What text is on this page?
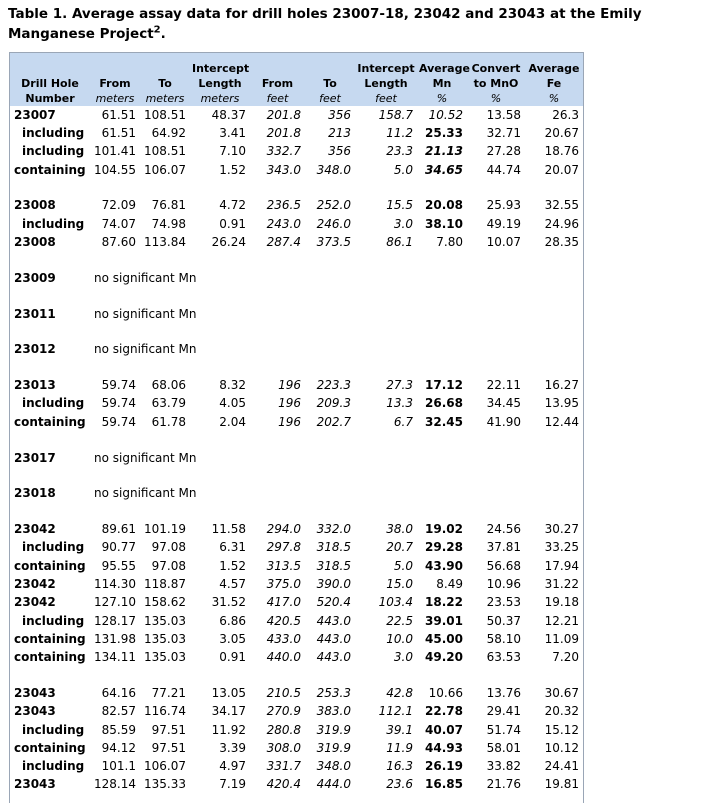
Table 1. Average assay data for drill holes 23007-18, 23042 and 23043 at the Emily Manganese Project$^2$.

Drill Hole Number	From	To	Intercept Length	From	To	Intercept Length	Average Mn	Convert to MnO	Average Fe
	meters	meters	meters	feet	feet	feet	%	%	%
23007	61.51	108.51	48.37	201.8	356	158.7	10.52	13.58	26.3
including	61.51	64.92	3.41	201.8	213	11.2	25.33	32.71	20.67
including	101.41	108.51	7.10	332.7	356	23.3	21.13	27.28	18.76
containing	104.55	106.07	1.52	343.0	348.0	5.0	34.65	44.74	20.07

23008	72.09	76.81	4.72	236.5	252.0	15.5	20.08	25.93	32.55
including	74.07	74.98	0.91	243.0	246.0	3.0	38.10	49.19	24.96
23008	87.60	113.84	26.24	287.4	373.5	86.1	7.80	10.07	28.35

23009	no significant Mn								

23011	no significant Mn								

23012	no significant Mn								

23013	59.74	68.06	8.32	196	223.3	27.3	17.12	22.11	16.27
including	59.74	63.79	4.05	196	209.3	13.3	26.68	34.45	13.95
containing	59.74	61.78	2.04	196	202.7	6.7	32.45	41.90	12.44

23017	no significant Mn								

23018	no significant Mn								

23042	89.61	101.19	11.58	294.0	332.0	38.0	19.02	24.56	30.27
including	90.77	97.08	6.31	297.8	318.5	20.7	29.28	37.81	33.25
containing	95.55	97.08	1.52	313.5	318.5	5.0	43.90	56.68	17.94
23042	114.30	118.87	4.57	375.0	390.0	15.0	8.49	10.96	31.22
23042	127.10	158.62	31.52	417.0	520.4	103.4	18.22	23.53	19.18
including	128.17	135.03	6.86	420.5	443.0	22.5	39.01	50.37	12.21
containing	131.98	135.03	3.05	433.0	443.0	10.0	45.00	58.10	11.09
containing	134.11	135.03	0.91	440.0	443.0	3.0	49.20	63.53	7.20

23043	64.16	77.21	13.05	210.5	253.3	42.8	10.66	13.76	30.67
23043	82.57	116.74	34.17	270.9	383.0	112.1	22.78	29.41	20.32
including	85.59	97.51	11.92	280.8	319.9	39.1	40.07	51.74	15.12
containing	94.12	97.51	3.39	308.0	319.9	11.9	44.93	58.01	10.12
including	101.1	106.07	4.97	331.7	348.0	16.3	26.19	33.82	24.41
23043	128.14	135.33	7.19	420.4	444.0	23.6	16.85	21.76	19.81
